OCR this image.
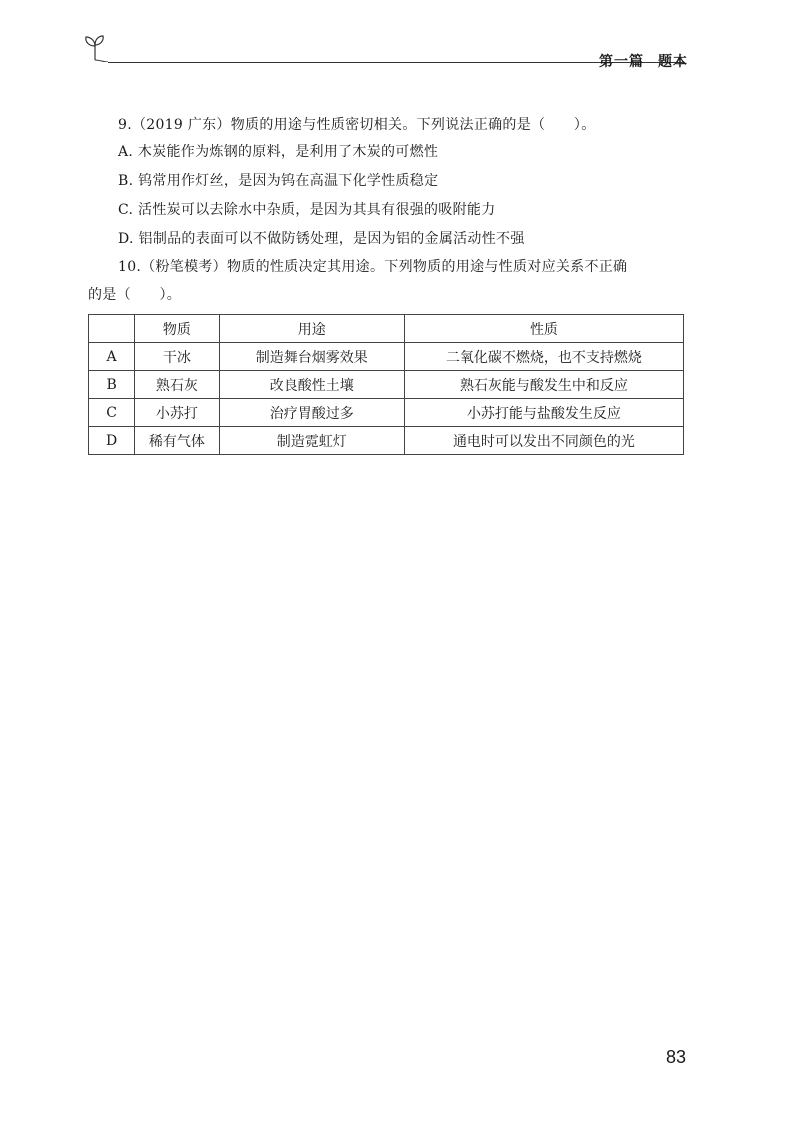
第一篇 题本
9.（2019 广东）物质的用途与性质密切相关。下列说法正确的是（　　）。
A. 木炭能作为炼钢的原料，是利用了木炭的可燃性
B. 钨常用作灯丝，是因为钨在高温下化学性质稳定
C. 活性炭可以去除水中杂质，是因为其具有很强的吸附能力
D. 铝制品的表面可以不做防锈处理，是因为铝的金属活动性不强
10.（粉笔模考）物质的性质决定其用途。下列物质的用途与性质对应关系不正确
的是（　　）。
	物质	用途	性质
A	干冰	制造舞台烟雾效果	二氧化碳不燃烧，也不支持燃烧
B	熟石灰	改良酸性土壤	熟石灰能与酸发生中和反应
C	小苏打	治疗胃酸过多	小苏打能与盐酸发生反应
D	稀有气体	制造霓虹灯	通电时可以发出不同颜色的光
83
